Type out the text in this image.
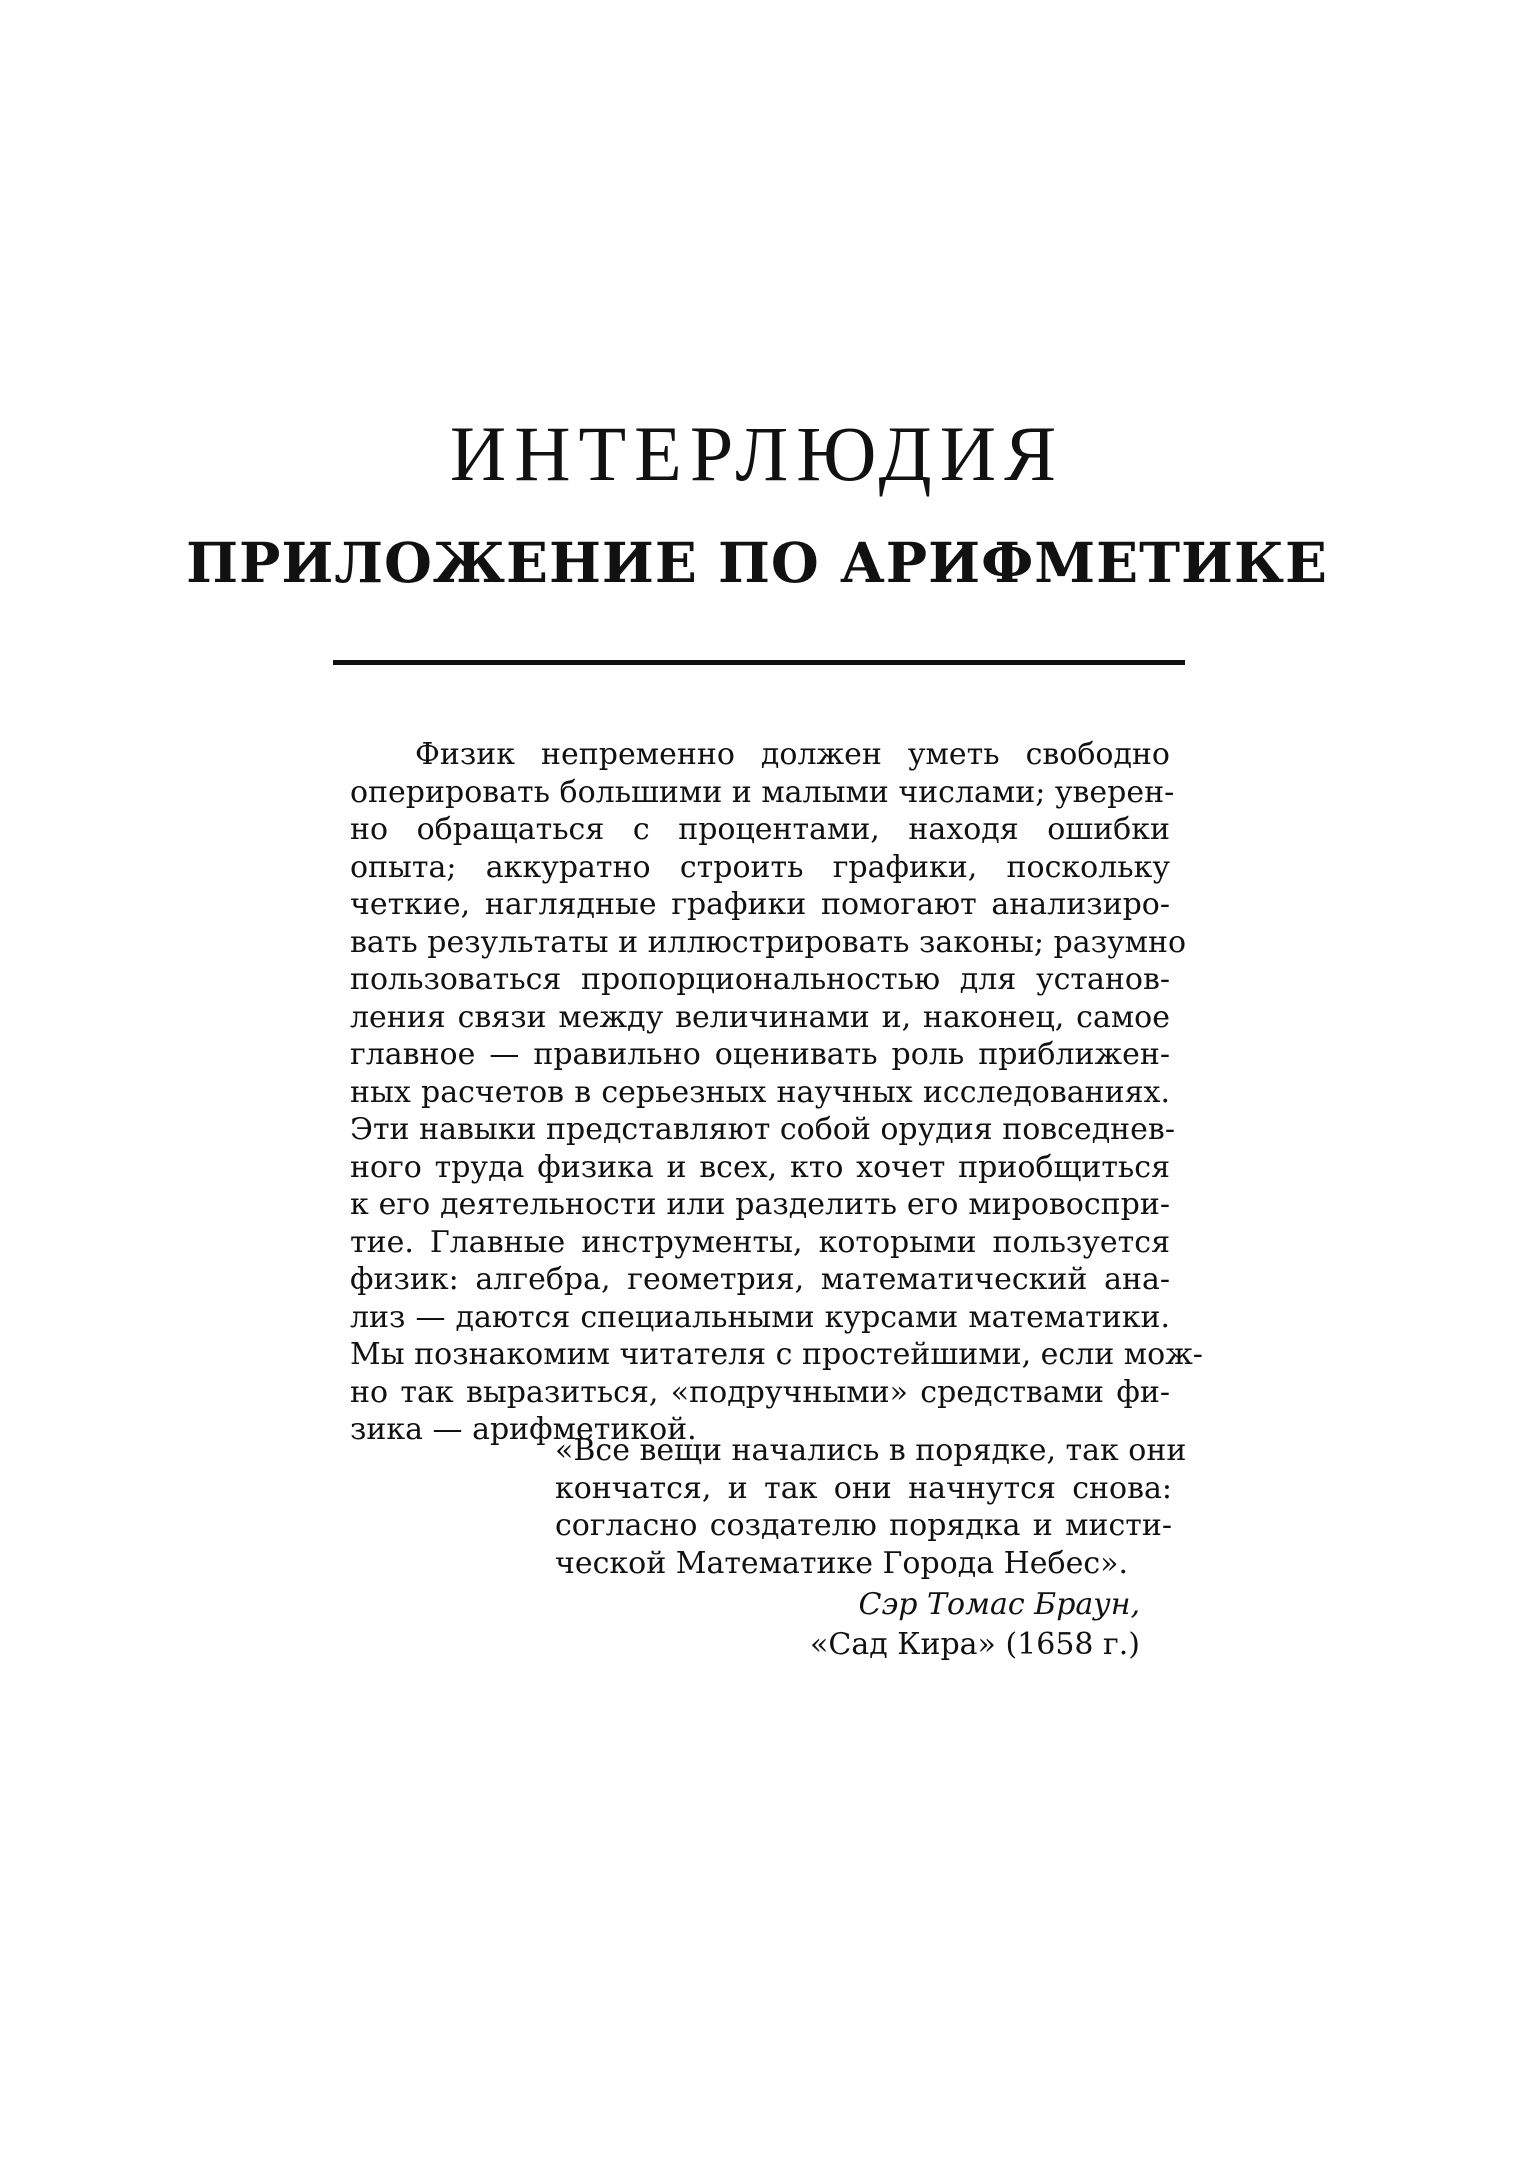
ИНТЕРЛЮДИЯ
ПРИЛОЖЕНИЕ ПО АРИФМЕТИКЕ
Физик непременно должен уметь свободно
оперировать большими и малыми числами; уверен-
но обращаться с процентами, находя ошибки
опыта; аккуратно строить графики, поскольку
четкие, наглядные графики помогают анализиро-
вать результаты и иллюстрировать законы; разумно
пользоваться пропорциональностью для установ-
ления связи между величинами и, наконец, самое
главное — правильно оценивать роль приближен-
ных расчетов в серьезных научных исследованиях.
Эти навыки представляют собой орудия повседнев-
ного труда физика и всех, кто хочет приобщиться
к его деятельности или разделить его мировоспри-
тие. Главные инструменты, которыми пользуется
физик: алгебра, геометрия, математический ана-
лиз — даются специальными курсами математики.
Мы познакомим читателя с простейшими, если мож-
но так выразиться, «подручными» средствами фи-
зика — арифметикой.
«Все вещи начались в порядке, так они
кончатся, и так они начнутся снова:
согласно создателю порядка и мисти-
ческой Математике Города Небес».
Сэр Томас Браун,
«Сад Кира» (1658 г.)
